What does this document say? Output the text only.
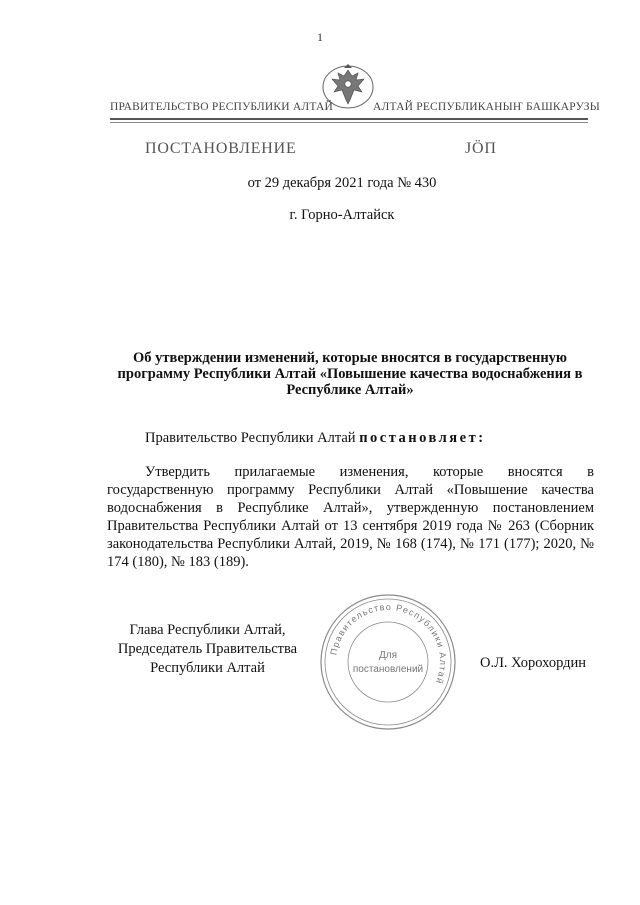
1
ПРАВИТЕЛЬСТВО РЕСПУБЛИКИ АЛТАЙ	АЛТАЙ РЕСПУБЛИКАНЫҤ БАШКАРУЗЫ
ПОСТАНОВЛЕНИЕ	JÖП
от 29 декабря 2021 года № 430
г. Горно-Алтайск
Об утверждении изменений, которые вносятся в государственную программу Республики Алтай «Повышение качества водоснабжения в Республике Алтай»
Правительство Республики Алтай постановляет:
Утвердить прилагаемые изменения, которые вносятся в государственную программу Республики Алтай «Повышение качества водоснабжения в Республике Алтай», утвержденную постановлением Правительства Республики Алтай от 13 сентября 2019 года № 263 (Сборник законодательства Республики Алтай, 2019, № 168 (174), № 171 (177); 2020, № 174 (180), № 183 (189).
Глава Республики Алтай,
Председатель Правительства
Республики Алтай	О.Л. Хорохордин
Правительство Республики Алтай
Для
постановлений
